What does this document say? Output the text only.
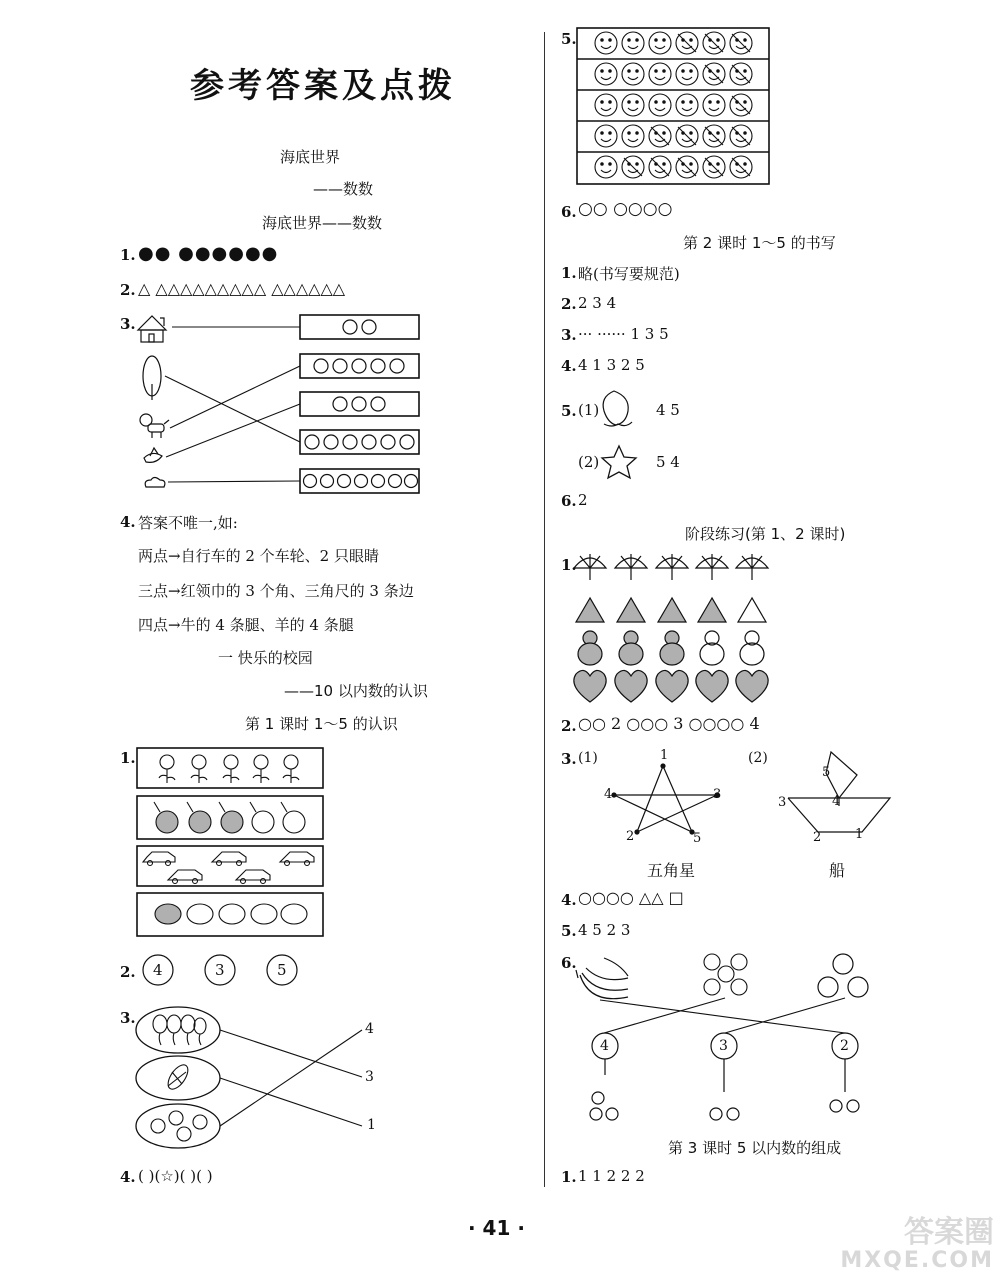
参考答案及点拨
海底世界
——数数
海底世界——数数
1. ●● ●●●●●●
2. △ △△△△△△△△△ △△△△△△
3.
4. 答案不唯一,如:
两点→自行车的 2 个车轮、2 只眼睛
三点→红领巾的 3 个角、三角尺的 3 条边
四点→牛的 4 条腿、羊的 4 条腿
一 快乐的校园
——10 以内数的认识
第 1 课时 1～5 的认识
1.
2. 4	3	5
3.
4
3
1
4. ( )(☆)( )( )
5.
6. ○○ ○○○○
第 2 课时 1～5 的书写
1. 略(书写要规范)
2. 2 3 4
3. ··· ······ 1 3 5
4. 4 1 3 2 5
5. (1)	4 5
(2)	5 4
6. 2
阶段练习(第 1、2 课时)
1.
2. ○○ 2 ○○○ 3 ○○○○ 4
3. (1)	(2)
1
4	3
2	5
5
4
3
2	1
五角星	船
4. ○○○○ △△ □
5. 4 5 2 3
6.
4	3	2
第 3 课时 5 以内数的组成
1. 1 1 2 2 2
· 41 ·	答案圈
MXQE.COM
